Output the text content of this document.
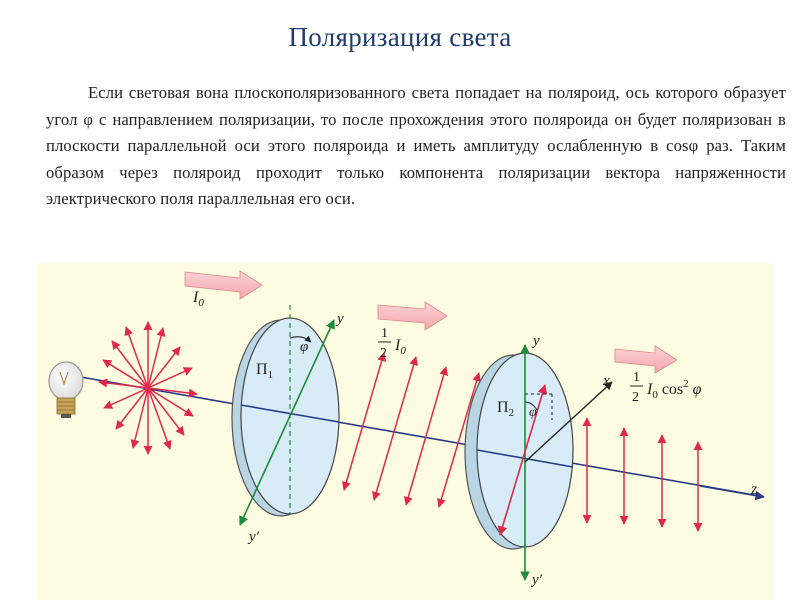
Поляризация света
Если световая вона плоскополяризованного света попадает на поляроид, ось которого образует угол φ с направлением поляризации, то после прохождения этого поляроида он будет поляризован в плоскости параллельной оси этого поляроида и иметь амплитуду ослабленную в cosφ раз. Таким образом через поляроид проходит только компонента поляризации вектора напряженности электрического поля параллельная его оси.
$I_0$
1
2 $I_0$
$П_1$
y
y′
φ
$П_2$
y
y′
φ
x
z
1
2 $I_0$ $\cos^2 \varphi$
